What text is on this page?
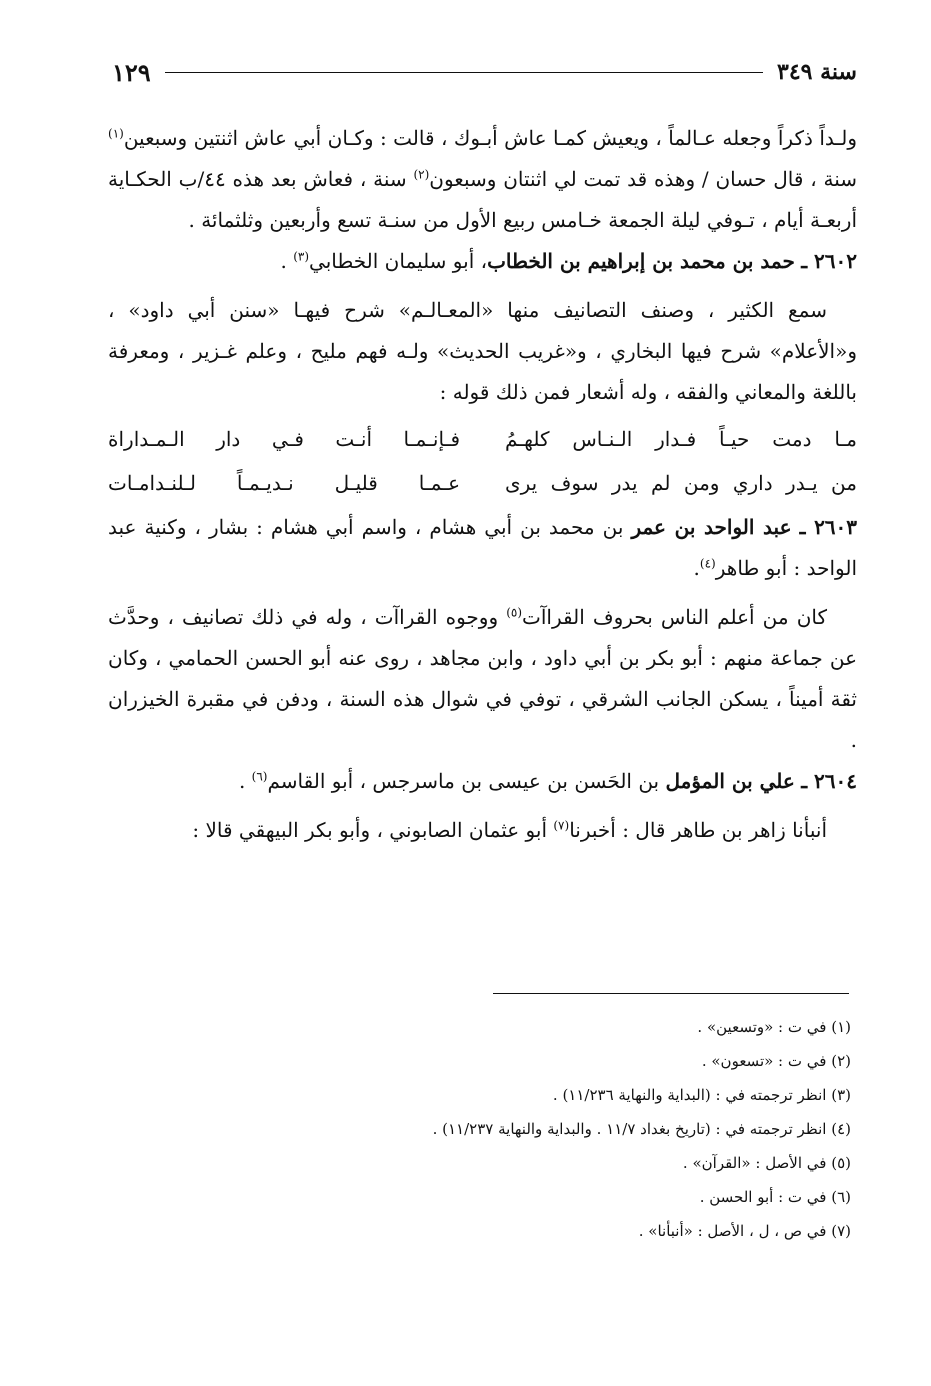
سنة ٣٤٩
١٢٩

ولـداً ذكراً وجعله عـالماً ، ويعيش كمـا عاش أبـوك ، قالت : وكـان أبي عاش اثنتين وسبعين$^{(١)}$ سنة ، قال حسان / وهذه قد تمت لي اثنتان وسبعون$^{(٢)}$ سنة ، فعاش بعد هذه ٤٤/ب الحكـاية أربعـة أيام ، تـوفي ليلة الجمعة خـامس ربيع الأول من سنـة تسع وأربعين وثلثمائة .

٢٦٠٢ ـ حمد بن محمد بن إبراهيم بن الخطاب، أبو سليمان الخطابي$^{(٣)}$ .

سمع الكثير ، وصنف التصانيف منها «المعـالـم» شرح فيهـا «سنن أبي داود» ، و«الأعلام» شرح فيها البخاري ، و«غريب الحديث» ولـه فهم مليح ، وعلم غـزير ، ومعرفة باللغة والمعاني والفقه ، وله أشعار فمن ذلك قوله :

مـا دمت حيـاً فـدار الـنـاس كلهـمُ
فـإنـمـا أنـت فـي دار الـمـداراة
من يـدر داري ومن لم يدر سوف يرى
عـمـا قليـل نـديـمـاً لـلنـدامـات

٢٦٠٣ ـ عبد الواحد بن عمر بن محمد بن أبي هشام ، واسم أبي هشام : بشار ، وكنية عبد الواحد : أبو طاهر$^{(٤)}$.

كان من أعلم الناس بحروف القراآت$^{(٥)}$ ووجوه القراآت ، وله في ذلك تصانيف ، وحدَّث عن جماعة منهم : أبو بكر بن أبي داود ، وابن مجاهد ، روى عنه أبو الحسن الحمامي ، وكان ثقة أميناً ، يسكن الجانب الشرقي ، توفي في شوال هذه السنة ، ودفن في مقبرة الخيزران .

٢٦٠٤ ـ علي بن المؤمل بن الحَسن بن عيسى بن ماسرجس ، أبو القاسم$^{(٦)}$ .

أنبأنا زاهر بن طاهر قال : أخبرنا$^{(٧)}$ أبو عثمان الصابوني ، وأبو بكر البيهقي قالا :

(١) في ت : «وتسعين» .
(٢) في ت : «تسعون» .
(٣) انظر ترجمته في : (البداية والنهاية ١١/٢٣٦) .
(٤) انظر ترجمته في : (تاريخ بغداد ١١/٧ . والبداية والنهاية ١١/٢٣٧) .
(٥) في الأصل : «القرآن» .
(٦) في ت : أبو الحسن .
(٧) في ص ، ل ، الأصل : «أنبأنا» .
